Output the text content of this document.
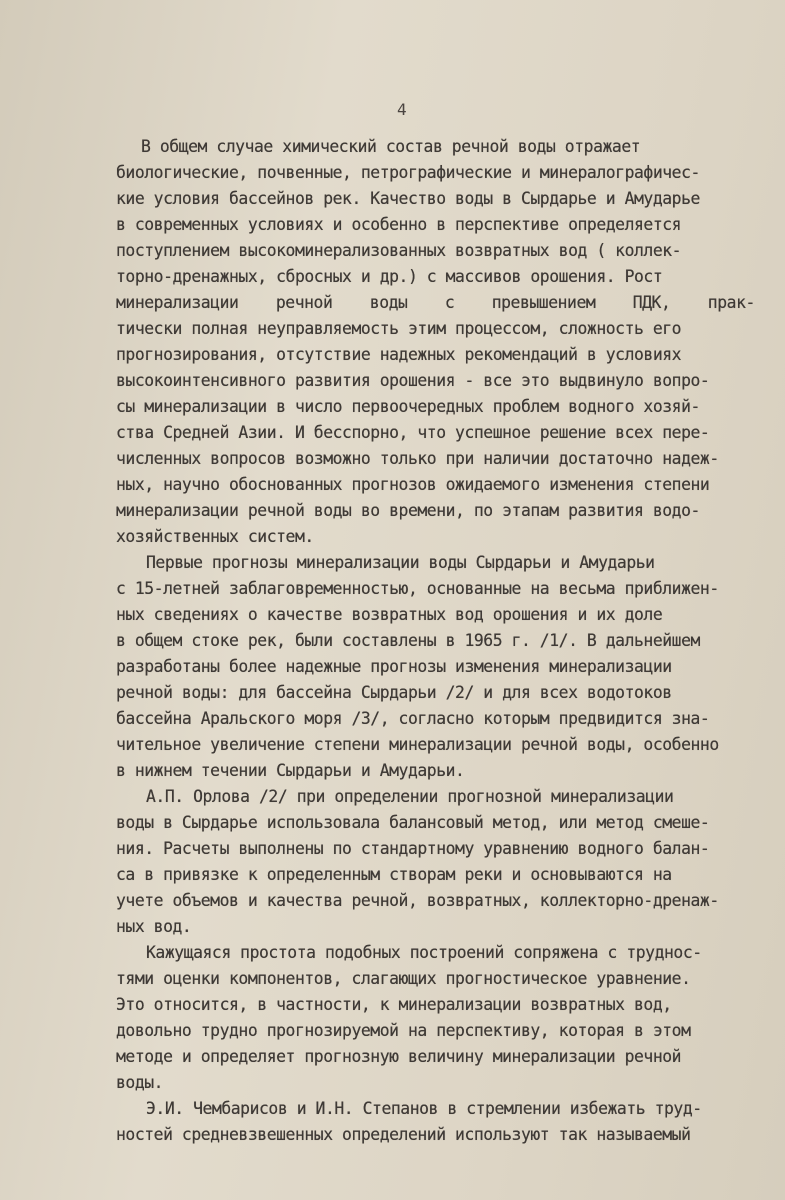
4
В общем случае химический состав речной воды отражает
биологические, почвенные, петрографические и минералографичес-
кие условия бассейнов рек. Качество воды в Сырдарье и Амударье
в современных условиях и особенно в перспективе определяется
поступлением высокоминерализованных возвратных вод ( коллек-
торно-дренажных, сбросных и др.) с массивов орошения. Рост
минерализации речной воды с превышением ПДК, прак-
тически полная неуправляемость этим процессом, сложность его
прогнозирования, отсутствие надежных рекомендаций в условиях
высокоинтенсивного развития орошения - все это выдвинуло вопро-
сы минерализации в число первоочередных проблем водного хозяй-
ства Средней Азии. И бесспорно, что успешное решение всех пере-
численных вопросов возможно только при наличии достаточно надеж-
ных, научно обоснованных прогнозов ожидаемого изменения степени
минерализации речной воды во времени, по этапам развития водо-
хозяйственных систем.
Первые прогнозы минерализации воды Сырдарьи и Амударьи
с 15-летней заблаговременностью, основанные на весьма приближен-
ных сведениях о качестве возвратных вод орошения и их доле
в общем стоке рек, были составлены в 1965 г. /1/. В дальнейшем
разработаны более надежные прогнозы изменения минерализации
речной воды: для бассейна Сырдарьи /2/ и для всех водотоков
бассейна Аральского моря /3/, согласно которым предвидится зна-
чительное увеличение степени минерализации речной воды, особенно
в нижнем течении Сырдарьи и Амударьи.
А.П. Орлова /2/ при определении прогнозной минерализации
воды в Сырдарье использовала балансовый метод, или метод смеше-
ния. Расчеты выполнены по стандартному уравнению водного балан-
са в привязке к определенным створам реки и основываются на
учете объемов и качества речной, возвратных, коллекторно-дренаж-
ных вод.
Кажущаяся простота подобных построений сопряжена с трудноc-
тями оценки компонентов, слагающих прогностическое уравнение.
Это относится, в частности, к минерализации возвратных вод,
довольно трудно прогнозируемой на перспективу, которая в этом
методе и определяет прогнозную величину минерализации речной
воды.
Э.И. Чембарисов и И.Н. Степанов в стремлении избежать труд-
ностей средневзвешенных определений используют так называемый
